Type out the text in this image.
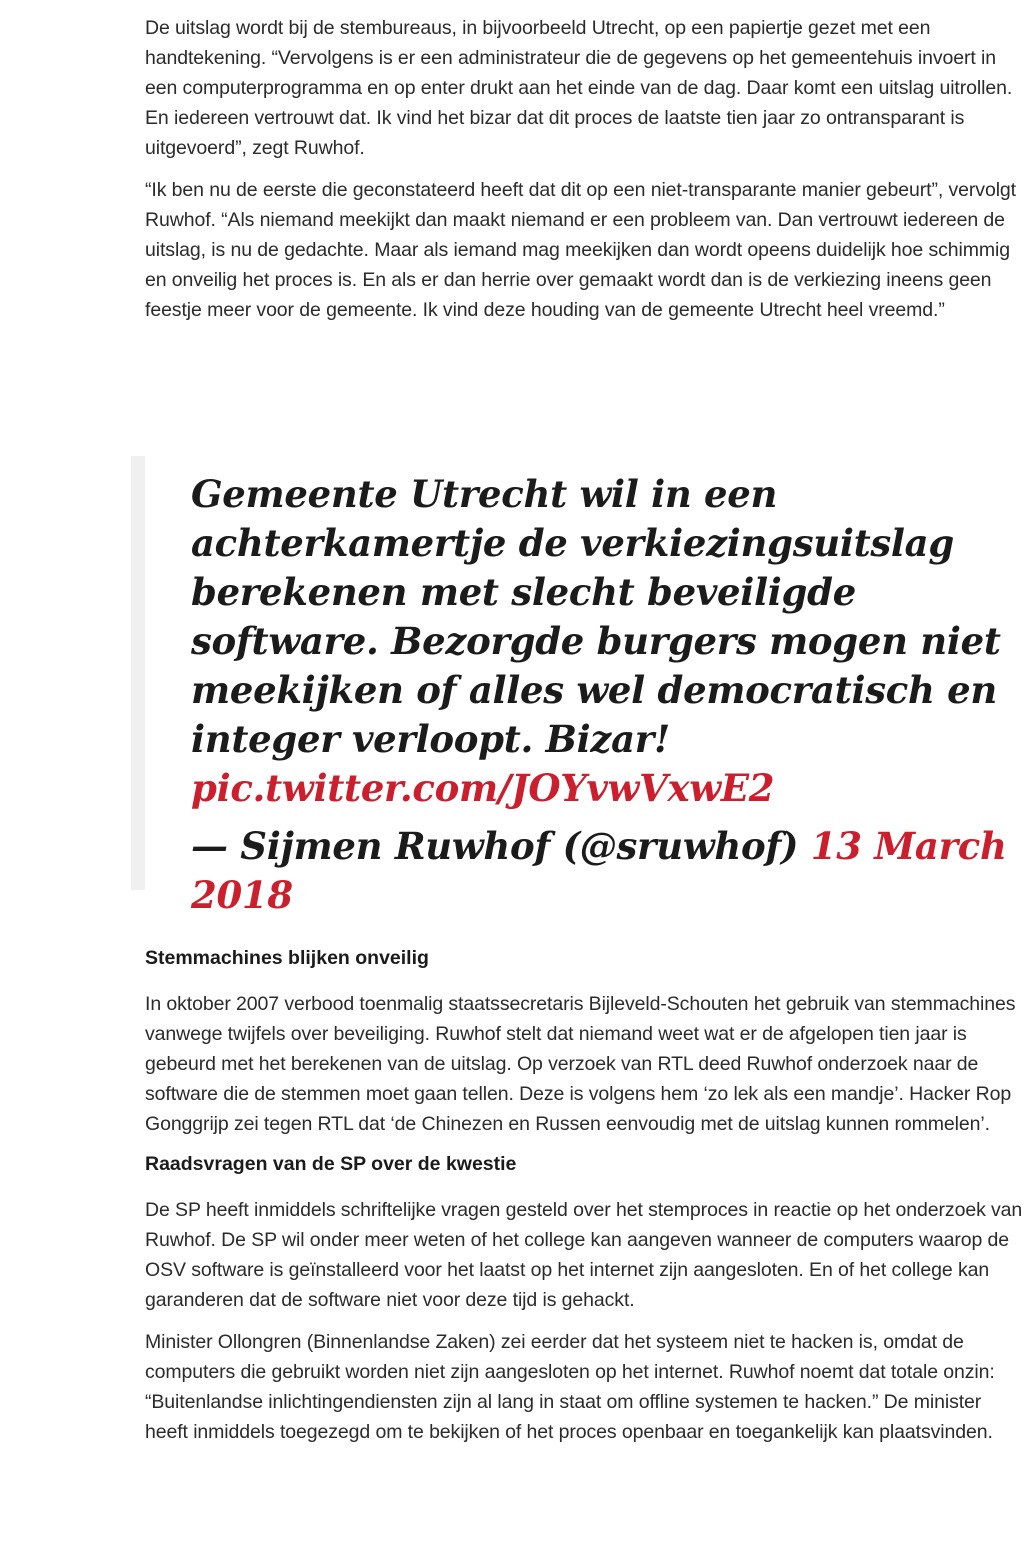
De uitslag wordt bij de stembureaus, in bijvoorbeeld Utrecht, op een papiertje gezet met een handtekening. “Vervolgens is er een administrateur die de gegevens op het gemeentehuis invoert in een computerprogramma en op enter drukt aan het einde van de dag. Daar komt een uitslag uitrollen. En iedereen vertrouwt dat. Ik vind het bizar dat dit proces de laatste tien jaar zo ontransparant is uitgevoerd”, zegt Ruwhof.

“Ik ben nu de eerste die geconstateerd heeft dat dit op een niet-transparante manier gebeurt”, vervolgt Ruwhof. “Als niemand meekijkt dan maakt niemand er een probleem van. Dan vertrouwt iedereen de uitslag, is nu de gedachte. Maar als iemand mag meekijken dan wordt opeens duidelijk hoe schimmig en onveilig het proces is. En als er dan herrie over gemaakt wordt dan is de verkiezing ineens geen feestje meer voor de gemeente. Ik vind deze houding van de gemeente Utrecht heel vreemd.”

Gemeente Utrecht wil in een achterkamertje de verkiezingsuitslag berekenen met slecht beveiligde software. Bezorgde burgers mogen niet meekijken of alles wel democratisch en integer verloopt. Bizar!
pic.twitter.com/JOYvwVxwE2
— Sijmen Ruwhof (@sruwhof) 13 March 2018
Stemmachines blijken onveilig

In oktober 2007 verbood toenmalig staatssecretaris Bijleveld-Schouten het gebruik van stemmachines vanwege twijfels over beveiliging. Ruwhof stelt dat niemand weet wat er de afgelopen tien jaar is gebeurd met het berekenen van de uitslag. Op verzoek van RTL deed Ruwhof onderzoek naar de software die de stemmen moet gaan tellen. Deze is volgens hem ‘zo lek als een mandje’. Hacker Rop Gonggrijp zei tegen RTL dat ‘de Chinezen en Russen eenvoudig met de uitslag kunnen rommelen’.

Raadsvragen van de SP over de kwestie

De SP heeft inmiddels schriftelijke vragen gesteld over het stemproces in reactie op het onderzoek van Ruwhof. De SP wil onder meer weten of het college kan aangeven wanneer de computers waarop de OSV software is geïnstalleerd voor het laatst op het internet zijn aangesloten. En of het college kan garanderen dat de software niet voor deze tijd is gehackt.

Minister Ollongren (Binnenlandse Zaken) zei eerder dat het systeem niet te hacken is, omdat de computers die gebruikt worden niet zijn aangesloten op het internet. Ruwhof noemt dat totale onzin: “Buitenlandse inlichtingendiensten zijn al lang in staat om offline systemen te hacken.” De minister heeft inmiddels toegezegd om te bekijken of het proces openbaar en toegankelijk kan plaatsvinden.
